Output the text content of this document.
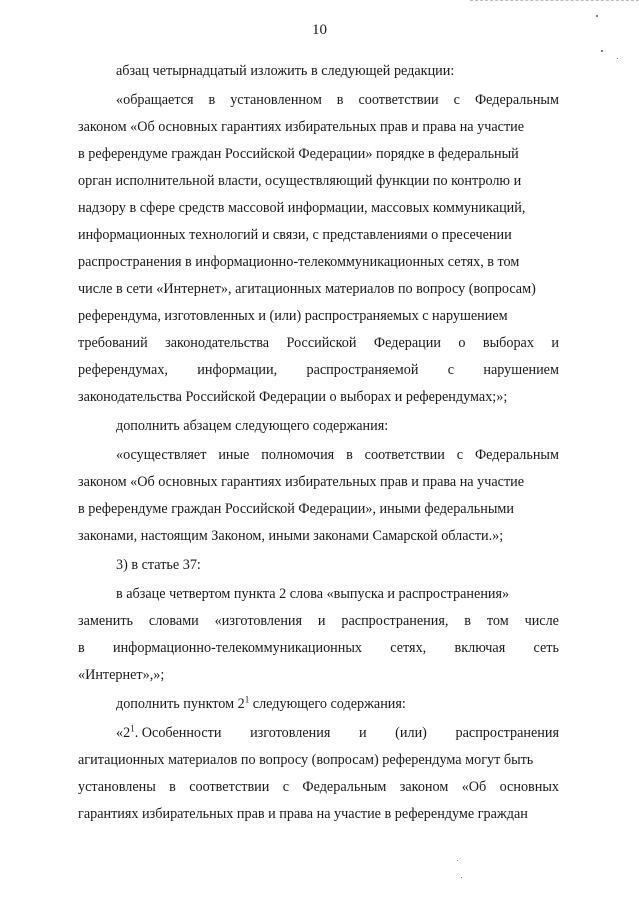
10
абзац четырнадцатый изложить в следующей редакции:
«обращается в установленном в соответствии с Федеральным
законом «Об основных гарантиях избирательных прав и права на участие
в референдуме граждан Российской Федерации» порядке в федеральный
орган исполнительной власти, осуществляющий функции по контролю и
надзору в сфере средств массовой информации, массовых коммуникаций,
информационных технологий и связи, с представлениями о пресечении
распространения в информационно-телекоммуникационных сетях, в том
числе в сети «Интернет», агитационных материалов по вопросу (вопросам)
референдума, изготовленных и (или) распространяемых с нарушением
требований законодательства Российской Федерации о выборах и
референдумах, информации, распространяемой с нарушением
законодательства Российской Федерации о выборах и референдумах;»;
дополнить абзацем следующего содержания:
«осуществляет иные полномочия в соответствии с Федеральным
законом «Об основных гарантиях избирательных прав и права на участие
в референдуме граждан Российской Федерации», иными федеральными
законами, настоящим Законом, иными законами Самарской области.»;
3) в статье 37:
в абзаце четвертом пункта 2 слова «выпуска и распространения»
заменить словами «изготовления и распространения, в том числе
в информационно-телекоммуникационных сетях, включая сеть
«Интернет»,»;
дополнить пунктом $2^1$ следующего содержания:
«$2^1$. Особенности изготовления и (или) распространения
агитационных материалов по вопросу (вопросам) референдума могут быть
установлены в соответствии с Федеральным законом «Об основных
гарантиях избирательных прав и права на участие в референдуме граждан
